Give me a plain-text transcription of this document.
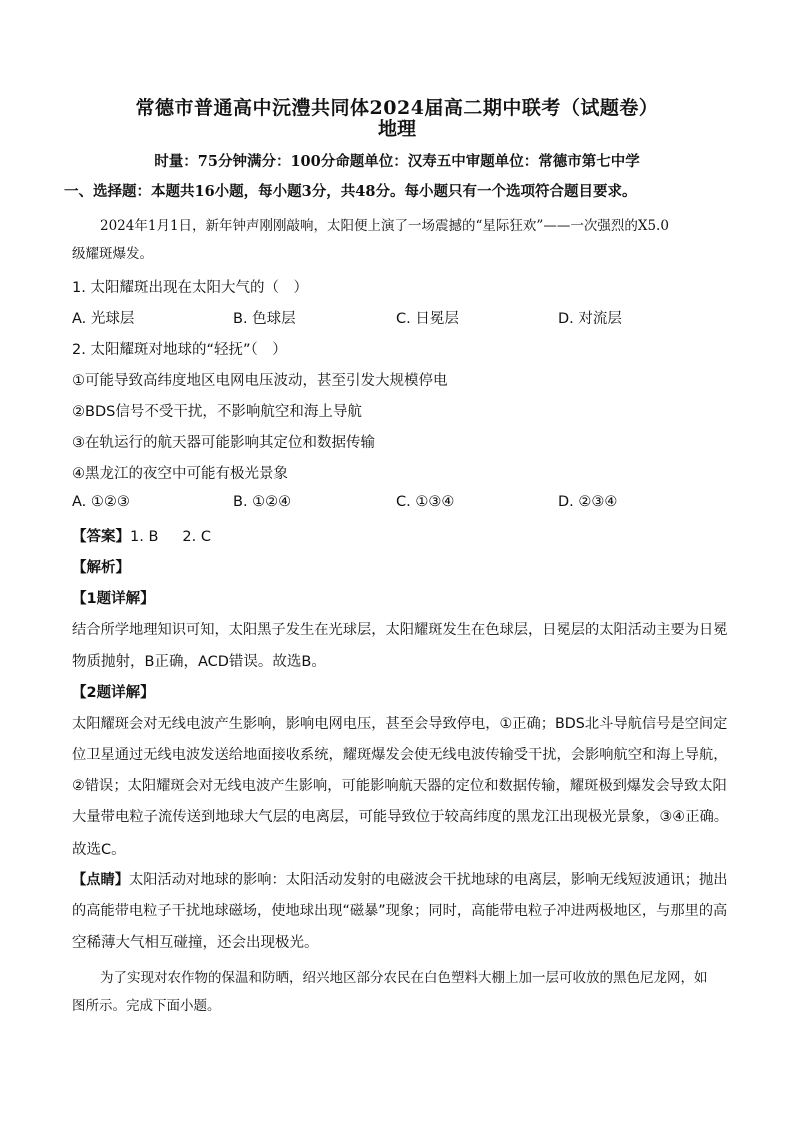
常德市普通高中沅澧共同体2024届高二期中联考（试题卷）
地理
时量：75分钟满分：100分命题单位：汉寿五中审题单位：常德市第七中学
一、选择题：本题共16小题，每小题3分，共48分。每小题只有一个选项符合题目要求。
2024年1月1日，新年钟声刚刚敲响，太阳便上演了一场震撼的“星际狂欢”——一次强烈的X5.0
级耀斑爆发。
1. 太阳耀斑出现在太阳大气的（　）
A. 光球层	B. 色球层	C. 日冕层	D. 对流层
2. 太阳耀斑对地球的“轻抚”（　）
①可能导致高纬度地区电网电压波动，甚至引发大规模停电
②BDS信号不受干扰，不影响航空和海上导航
③在轨运行的航天器可能影响其定位和数据传输
④黑龙江的夜空中可能有极光景象
A. ①②③	B. ①②④	C. ①③④	D. ②③④
【答案】1. B 2. C
【解析】
【1题详解】
结合所学地理知识可知，太阳黑子发生在光球层，太阳耀斑发生在色球层，日冕层的太阳活动主要为日冕
物质抛射，B正确，ACD错误。故选B。
【2题详解】
太阳耀斑会对无线电波产生影响，影响电网电压，甚至会导致停电，①正确；BDS北斗导航信号是空间定
位卫星通过无线电波发送给地面接收系统，耀斑爆发会使无线电波传输受干扰，会影响航空和海上导航，
②错误；太阳耀斑会对无线电波产生影响，可能影响航天器的定位和数据传输，耀斑极到爆发会导致太阳
大量带电粒子流传送到地球大气层的电离层，可能导致位于较高纬度的黑龙江出现极光景象，③④正确。
故选C。
【点睛】太阳活动对地球的影响：太阳活动发射的电磁波会干扰地球的电离层，影响无线短波通讯；抛出
的高能带电粒子干扰地球磁场，使地球出现“磁暴”现象；同时，高能带电粒子冲进两极地区，与那里的高
空稀薄大气相互碰撞，还会出现极光。
为了实现对农作物的保温和防晒，绍兴地区部分农民在白色塑料大棚上加一层可收放的黑色尼龙网，如
图所示。完成下面小题。
